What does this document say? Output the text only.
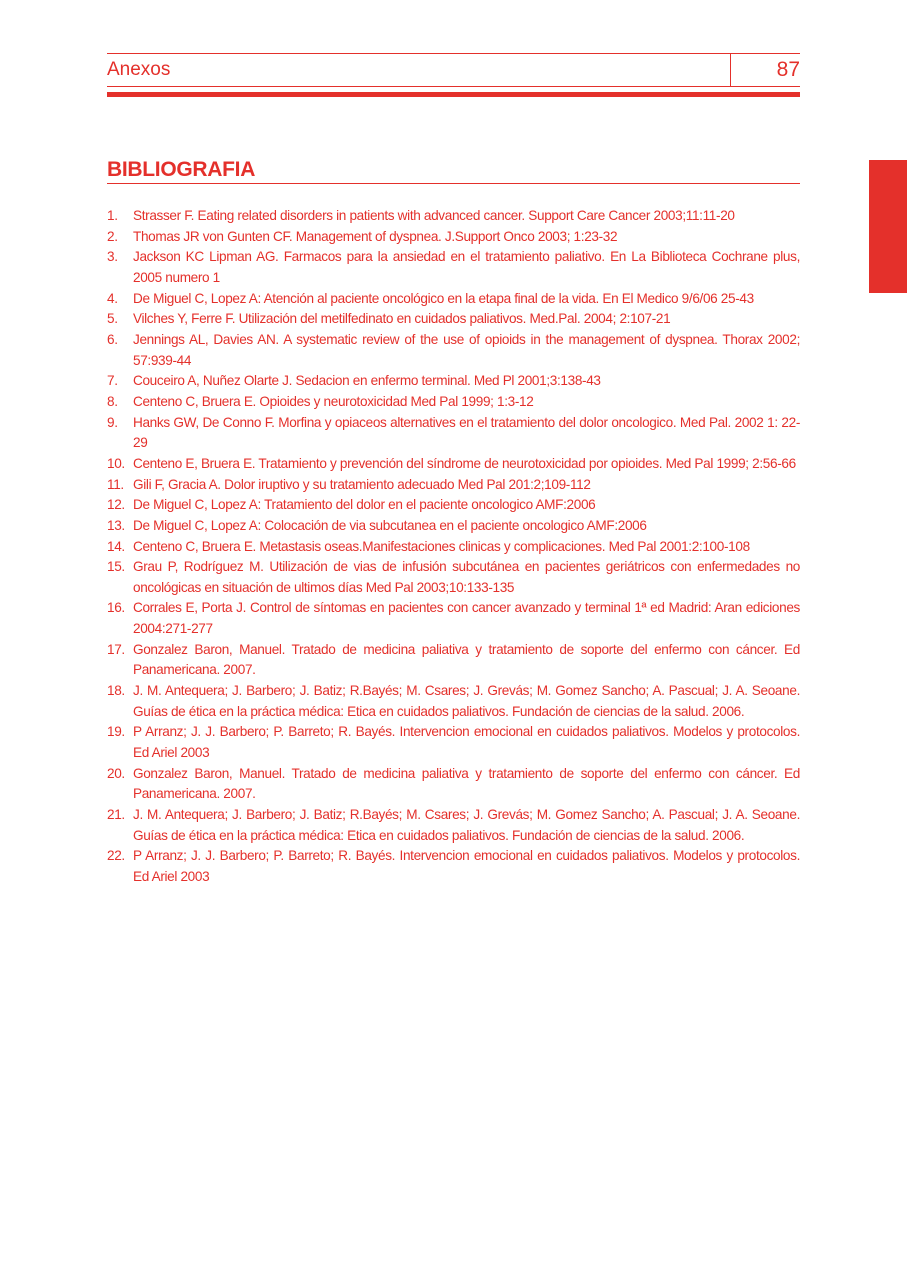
Anexos	87
BIBLIOGRAFIA
1.	Strasser F. Eating related disorders in patients with advanced cancer. Support Care Cancer 2003;11:11-20
2.	Thomas JR von Gunten CF. Management of dyspnea. J.Support Onco 2003; 1:23-32
3.	Jackson KC Lipman AG. Farmacos para la ansiedad en el tratamiento paliativo. En La Biblioteca Cochrane plus, 2005 numero 1
4.	De Miguel C, Lopez A: Atención al paciente oncológico en la etapa final de la vida. En El Medico 9/6/06 25-43
5.	Vilches Y, Ferre F. Utilización del metilfedinato en cuidados paliativos. Med.Pal. 2004; 2:107-21
6.	Jennings AL, Davies AN. A systematic review of the use of opioids in the management of dyspnea. Thorax 2002; 57:939-44
7.	Couceiro A, Nuñez Olarte J. Sedacion en enfermo terminal. Med Pl 2001;3:138-43
8.	Centeno C, Bruera E. Opioides y neurotoxicidad Med Pal 1999; 1:3-12
9.	Hanks GW, De Conno F. Morfina y opiaceos alternatives en el tratamiento del dolor oncologico. Med Pal. 2002 1: 22-29
10. Centeno E, Bruera E. Tratamiento y prevención del síndrome de neurotoxicidad por opioides. Med Pal 1999; 2:56-66
11. Gili F, Gracia A. Dolor iruptivo y su tratamiento adecuado Med Pal 201:2;109-112
12. De Miguel C, Lopez A: Tratamiento del dolor en el paciente oncologico AMF:2006
13. De Miguel C, Lopez A: Colocación de via subcutanea en el paciente oncologico AMF:2006
14. Centeno C, Bruera E. Metastasis oseas.Manifestaciones clinicas y complicaciones. Med Pal 2001:2:100-108
15. Grau P, Rodríguez M. Utilización de vias de infusión subcutánea en pacientes geriátricos con enfermedades no oncológicas en situación de ultimos días Med Pal 2003;10:133-135
16. Corrales E, Porta J. Control de síntomas en pacientes con cancer avanzado y terminal 1ª ed Madrid: Aran ediciones 2004:271-277
17. Gonzalez Baron, Manuel. Tratado de medicina paliativa y tratamiento de soporte del enfermo con cáncer. Ed Panamericana. 2007.
18. J. M. Antequera; J. Barbero; J. Batiz; R.Bayés; M. Csares; J. Grevás; M. Gomez Sancho; A. Pascual; J. A. Seoane. Guías de ética en la práctica médica: Etica en cuidados paliativos. Fundación de ciencias de la salud. 2006.
19. P Arranz; J. J. Barbero; P. Barreto; R. Bayés. Intervencion emocional en cuidados paliativos. Modelos y protocolos. Ed Ariel 2003
20. Gonzalez Baron, Manuel. Tratado de medicina paliativa y tratamiento de soporte del enfermo con cáncer. Ed Panamericana. 2007.
21. J. M. Antequera; J. Barbero; J. Batiz; R.Bayés; M. Csares; J. Grevás; M. Gomez Sancho; A. Pascual; J. A. Seoane. Guías de ética en la práctica médica: Etica en cuidados paliativos. Fundación de ciencias de la salud. 2006.
22. P Arranz; J. J. Barbero; P. Barreto; R. Bayés. Intervencion emocional en cuidados paliativos. Modelos y protocolos. Ed Ariel 2003
